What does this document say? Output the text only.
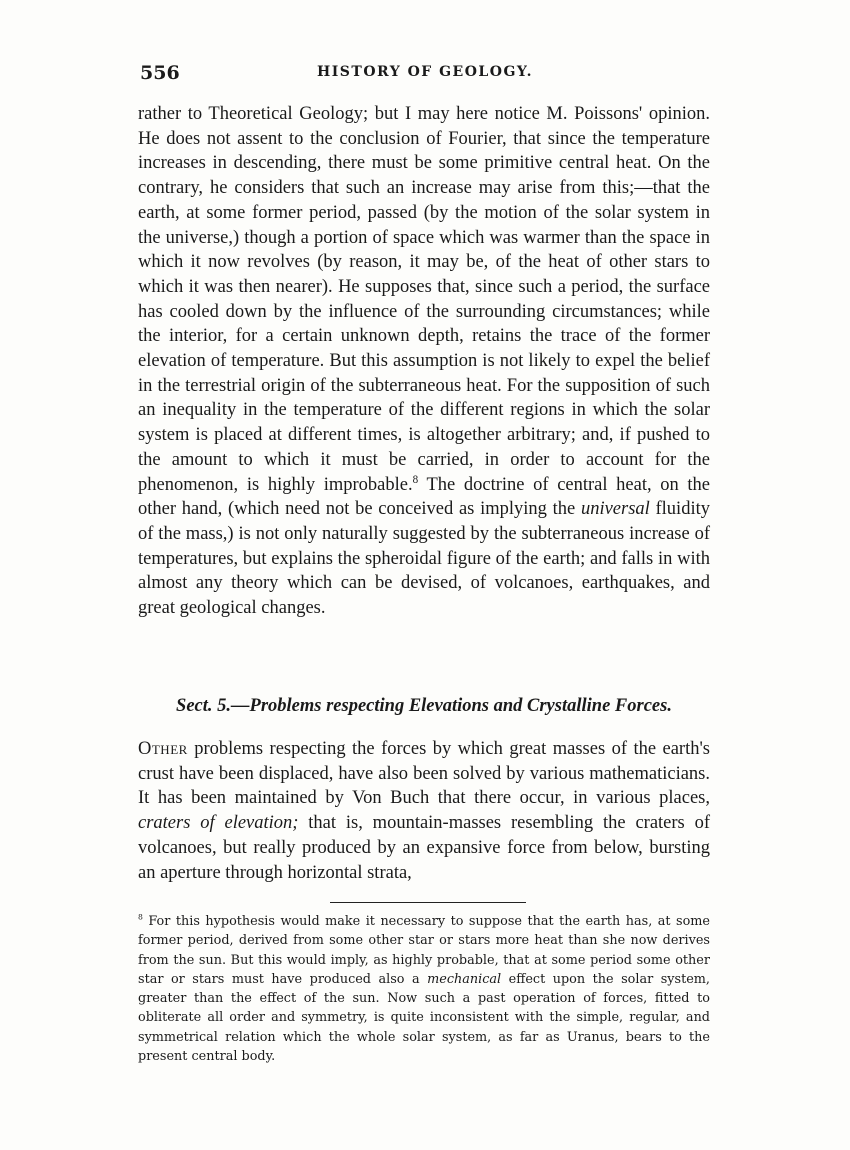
556	HISTORY OF GEOLOGY.

rather to Theoretical Geology; but I may here notice M. Poissons' opinion. He does not assent to the conclusion of Fourier, that since the temperature increases in descending, there must be some primitive central heat. On the contrary, he considers that such an increase may arise from this;—that the earth, at some former period, passed (by the motion of the solar system in the universe,) though a portion of space which was warmer than the space in which it now revolves (by reason, it may be, of the heat of other stars to which it was then nearer). He supposes that, since such a period, the surface has cooled down by the influence of the surrounding circumstances; while the interior, for a certain unknown depth, retains the trace of the former elevation of temperature. But this assumption is not likely to expel the belief in the terrestrial origin of the subterraneous heat. For the supposition of such an inequality in the temperature of the different regions in which the solar system is placed at different times, is altogether arbitrary; and, if pushed to the amount to which it must be carried, in order to account for the phenomenon, is highly improbable.$^8$ The doctrine of central heat, on the other hand, (which need not be conceived as implying the universal fluidity of the mass,) is not only naturally suggested by the subterraneous increase of temperatures, but explains the spheroidal figure of the earth; and falls in with almost any theory which can be devised, of volcanoes, earthquakes, and great geological changes.

Sect. 5.—Problems respecting Elevations and Crystalline Forces.

Other problems respecting the forces by which great masses of the earth's crust have been displaced, have also been solved by various mathematicians. It has been maintained by Von Buch that there occur, in various places, craters of elevation; that is, mountain-masses resembling the craters of volcanoes, but really produced by an expansive force from below, bursting an aperture through horizontal strata,

$^8$ For this hypothesis would make it necessary to suppose that the earth has, at some former period, derived from some other star or stars more heat than she now derives from the sun. But this would imply, as highly probable, that at some period some other star or stars must have produced also a mechanical effect upon the solar system, greater than the effect of the sun. Now such a past operation of forces, fitted to obliterate all order and symmetry, is quite inconsistent with the simple, regular, and symmetrical relation which the whole solar system, as far as Uranus, bears to the present central body.
